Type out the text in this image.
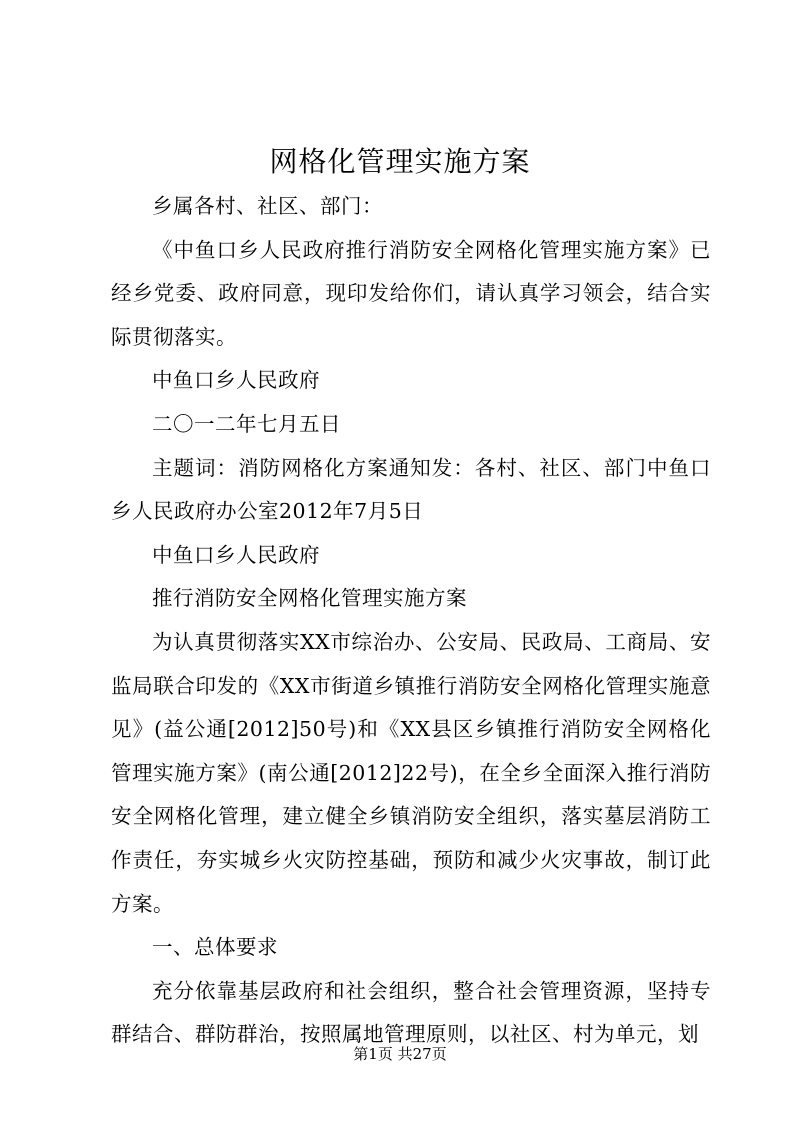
网格化管理实施方案

乡属各村、社区、部门：

《中鱼口乡人民政府推行消防安全网格化管理实施方案》已经乡党委、政府同意，现印发给你们，请认真学习领会，结合实际贯彻落实。

中鱼口乡人民政府

二〇一二年七月五日

主题词：消防网格化方案通知发：各村、社区、部门中鱼口乡人民政府办公室2012年7月5日

中鱼口乡人民政府

推行消防安全网格化管理实施方案

为认真贯彻落实XX市综治办、公安局、民政局、工商局、安监局联合印发的《XX市街道乡镇推行消防安全网格化管理实施意见》(益公通[2012]50号)和《XX县区乡镇推行消防安全网格化管理实施方案》(南公通[2012]22号)，在全乡全面深入推行消防安全网格化管理，建立健全乡镇消防安全组织，落实墓层消防工作责任，夯实城乡火灾防控基础，预防和减少火灾事故，制订此方案。

一、总体要求

充分依靠基层政府和社会组织，整合社会管理资源，坚持专群结合、群防群治，按照属地管理原则，以社区、村为单元，划

第1页 共27页
